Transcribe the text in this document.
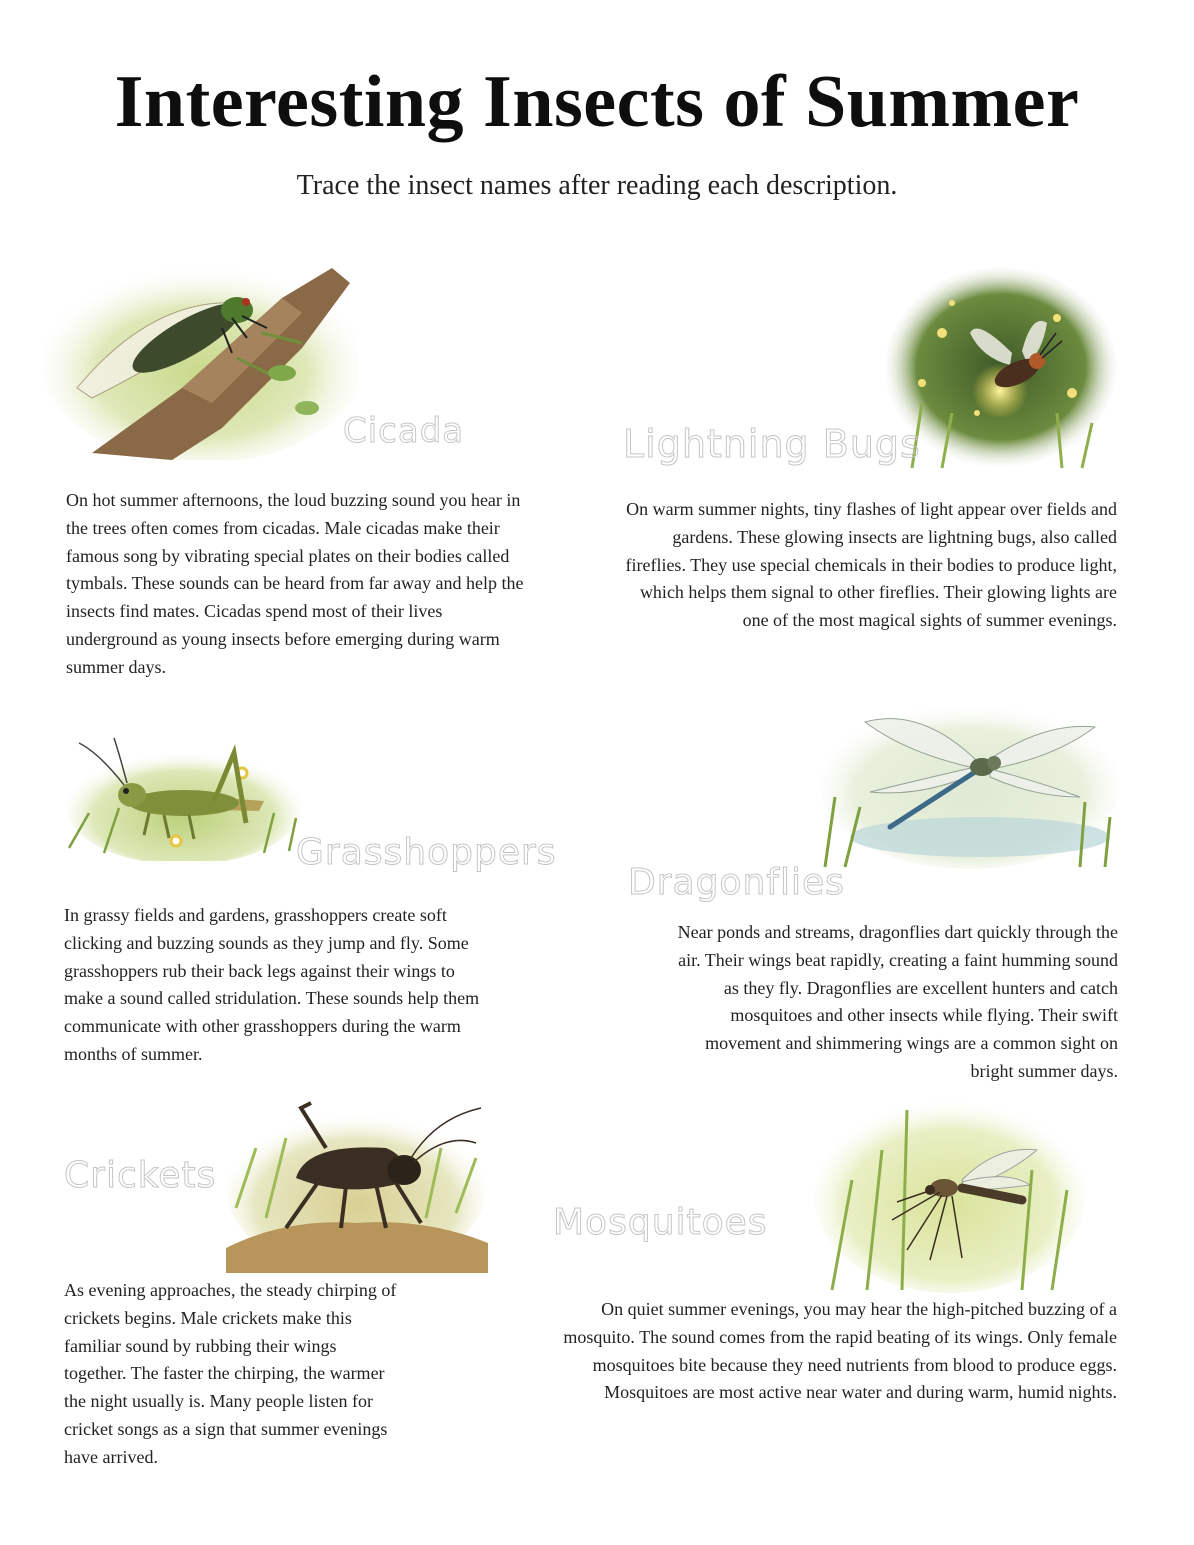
Interesting Insects of Summer

Trace the insect names after reading each description.

Cicada

On hot summer afternoons, the loud buzzing sound you hear in the trees often comes from cicadas. Male cicadas make their famous song by vibrating special plates on their bodies called tymbals. These sounds can be heard from far away and help the insects find mates. Cicadas spend most of their lives underground as young insects before emerging during warm summer days.

Lightning Bugs

On warm summer nights, tiny flashes of light appear over fields and gardens. These glowing insects are lightning bugs, also called fireflies. They use special chemicals in their bodies to produce light, which helps them signal to other fireflies. Their glowing lights are one of the most magical sights of summer evenings.

Grasshoppers

In grassy fields and gardens, grasshoppers create soft clicking and buzzing sounds as they jump and fly. Some grasshoppers rub their back legs against their wings to make a sound called stridulation. These sounds help them communicate with other grasshoppers during the warm months of summer.

Dragonflies

Near ponds and streams, dragonflies dart quickly through the air. Their wings beat rapidly, creating a faint humming sound as they fly. Dragonflies are excellent hunters and catch mosquitoes and other insects while flying. Their swift movement and shimmering wings are a common sight on bright summer days.

Crickets

As evening approaches, the steady chirping of crickets begins. Male crickets make this familiar sound by rubbing their wings together. The faster the chirping, the warmer the night usually is. Many people listen for cricket songs as a sign that summer evenings have arrived.

Mosquitoes

On quiet summer evenings, you may hear the high-pitched buzzing of a mosquito. The sound comes from the rapid beating of its wings. Only female mosquitoes bite because they need nutrients from blood to produce eggs. Mosquitoes are most active near water and during warm, humid nights.
